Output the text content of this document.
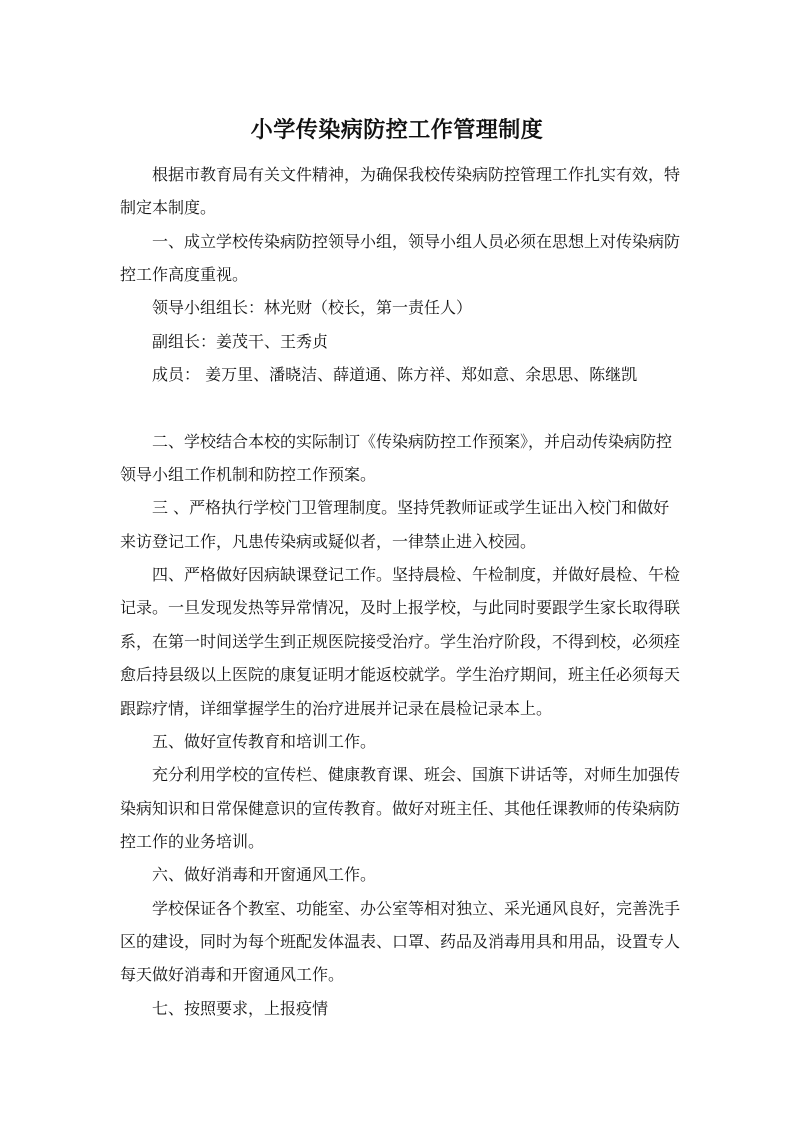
小学传染病防控工作管理制度
根据市教育局有关文件精神，为确保我校传染病防控管理工作扎实有效，特
制定本制度。
一、成立学校传染病防控领导小组，领导小组人员必须在思想上对传染病防
控工作高度重视。
领导小组组长：林光财（校长，第一责任人）
副组长：姜茂干、王秀贞
成员： 姜万里、潘晓洁、薛道通、陈方祥、郑如意、余思思、陈继凯
二、学校结合本校的实际制订《传染病防控工作预案》，并启动传染病防控
领导小组工作机制和防控工作预案。
三 、严格执行学校门卫管理制度。坚持凭教师证或学生证出入校门和做好
来访登记工作，凡患传染病或疑似者，一律禁止进入校园。
四、严格做好因病缺课登记工作。坚持晨检、午检制度，并做好晨检、午检
记录。一旦发现发热等异常情况，及时上报学校，与此同时要跟学生家长取得联
系，在第一时间送学生到正规医院接受治疗。学生治疗阶段，不得到校，必须痊
愈后持县级以上医院的康复证明才能返校就学。学生治疗期间，班主任必须每天
跟踪疗情，详细掌握学生的治疗进展并记录在晨检记录本上。
五、做好宣传教育和培训工作。
充分利用学校的宣传栏、健康教育课、班会、国旗下讲话等，对师生加强传
染病知识和日常保健意识的宣传教育。做好对班主任、其他任课教师的传染病防
控工作的业务培训。
六、做好消毒和开窗通风工作。
学校保证各个教室、功能室、办公室等相对独立、采光通风良好，完善洗手
区的建设，同时为每个班配发体温表、口罩、药品及消毒用具和用品，设置专人
每天做好消毒和开窗通风工作。
七、按照要求，上报疫情
